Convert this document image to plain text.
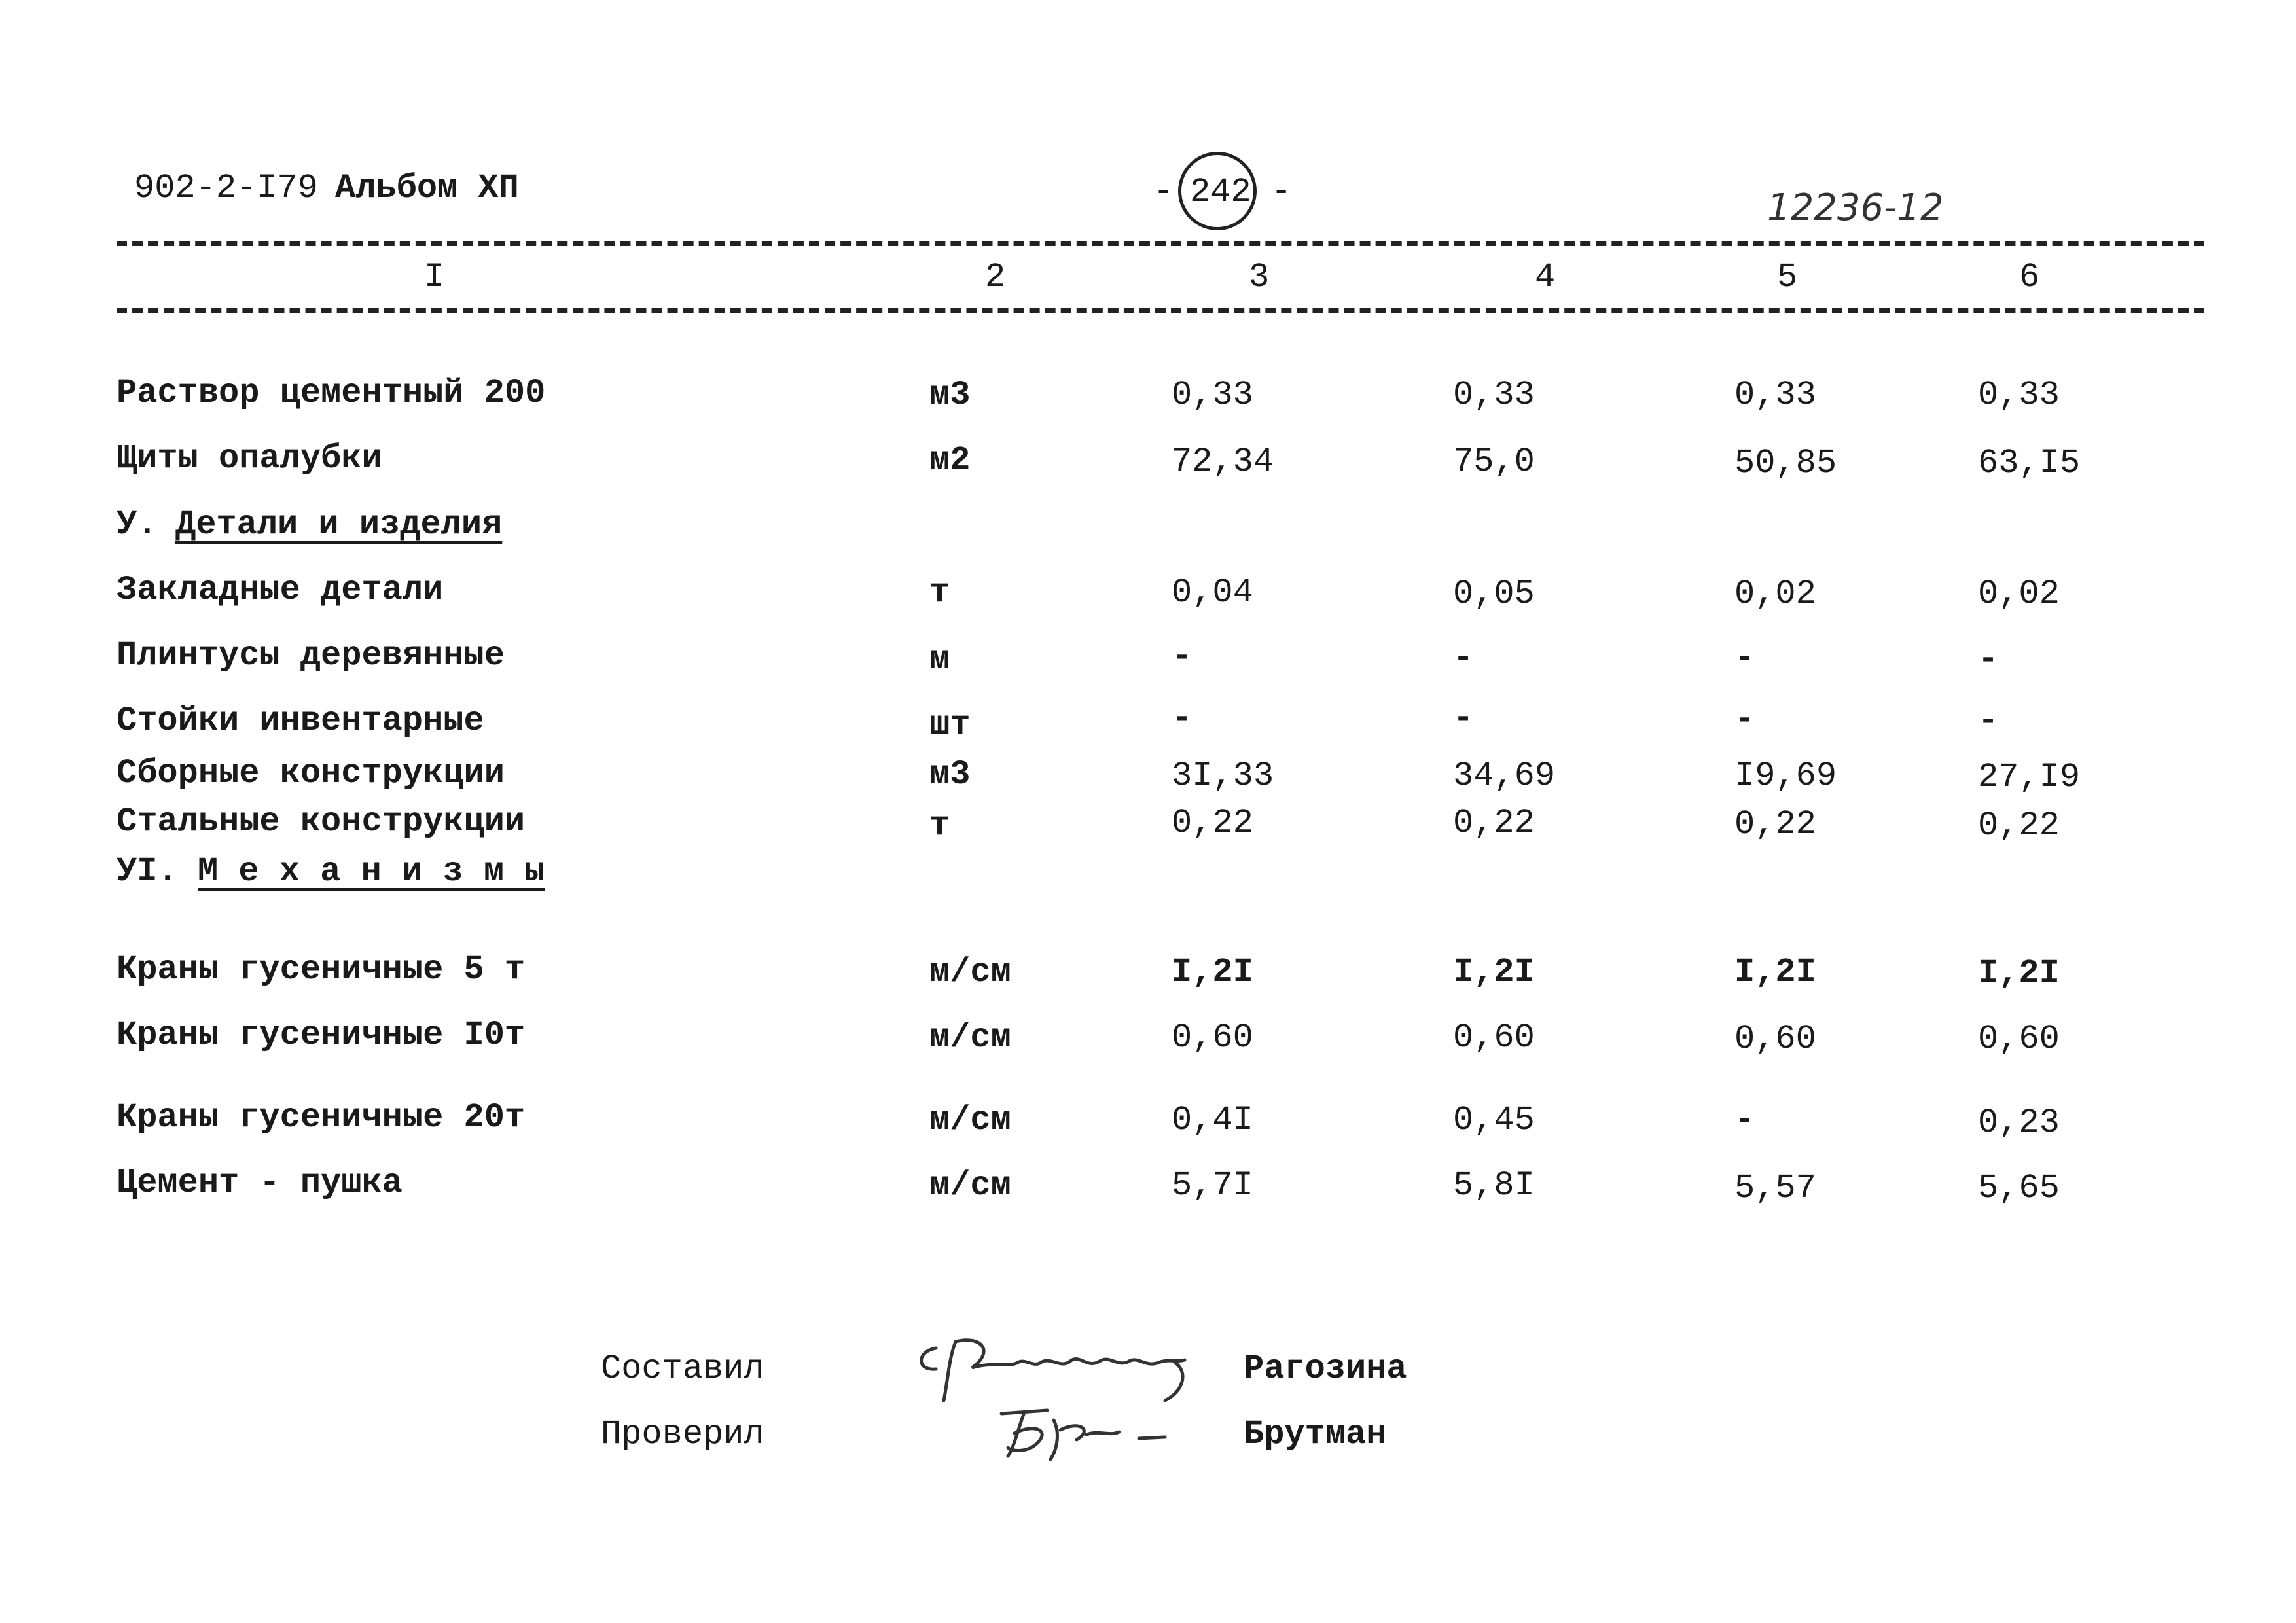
902-2-I79 Альбом XП	- 242 -	12236-12
I	2	3	4	5	6
Раствор цементный 200	м3	0,33	0,33	0,33	0,33
Щиты опалубки	м2	72,34	75,0	50,85	63,I5
У. Детали и изделия
Закладные детали	т	0,04	0,05	0,02	0,02
Плинтусы деревянные	м	-	-	-	-
Стойки инвентарные	шт	-	-	-	-
Сборные конструкции	м3	3I,33	34,69	I9,69	27,I9
Стальные конструкции	т	0,22	0,22	0,22	0,22
УI. М е х а н и з м ы
Краны гусеничные 5 т	м/см	I,2I	I,2I	I,2I	I,2I
Краны гусеничные I0т	м/см	0,60	0,60	0,60	0,60
Краны гусеничные 20т	м/см	0,4I	0,45	-	0,23
Цемент - пушка	м/см	5,7I	5,8I	5,57	5,65
Составил	Рагозина
Проверил	Брутман
